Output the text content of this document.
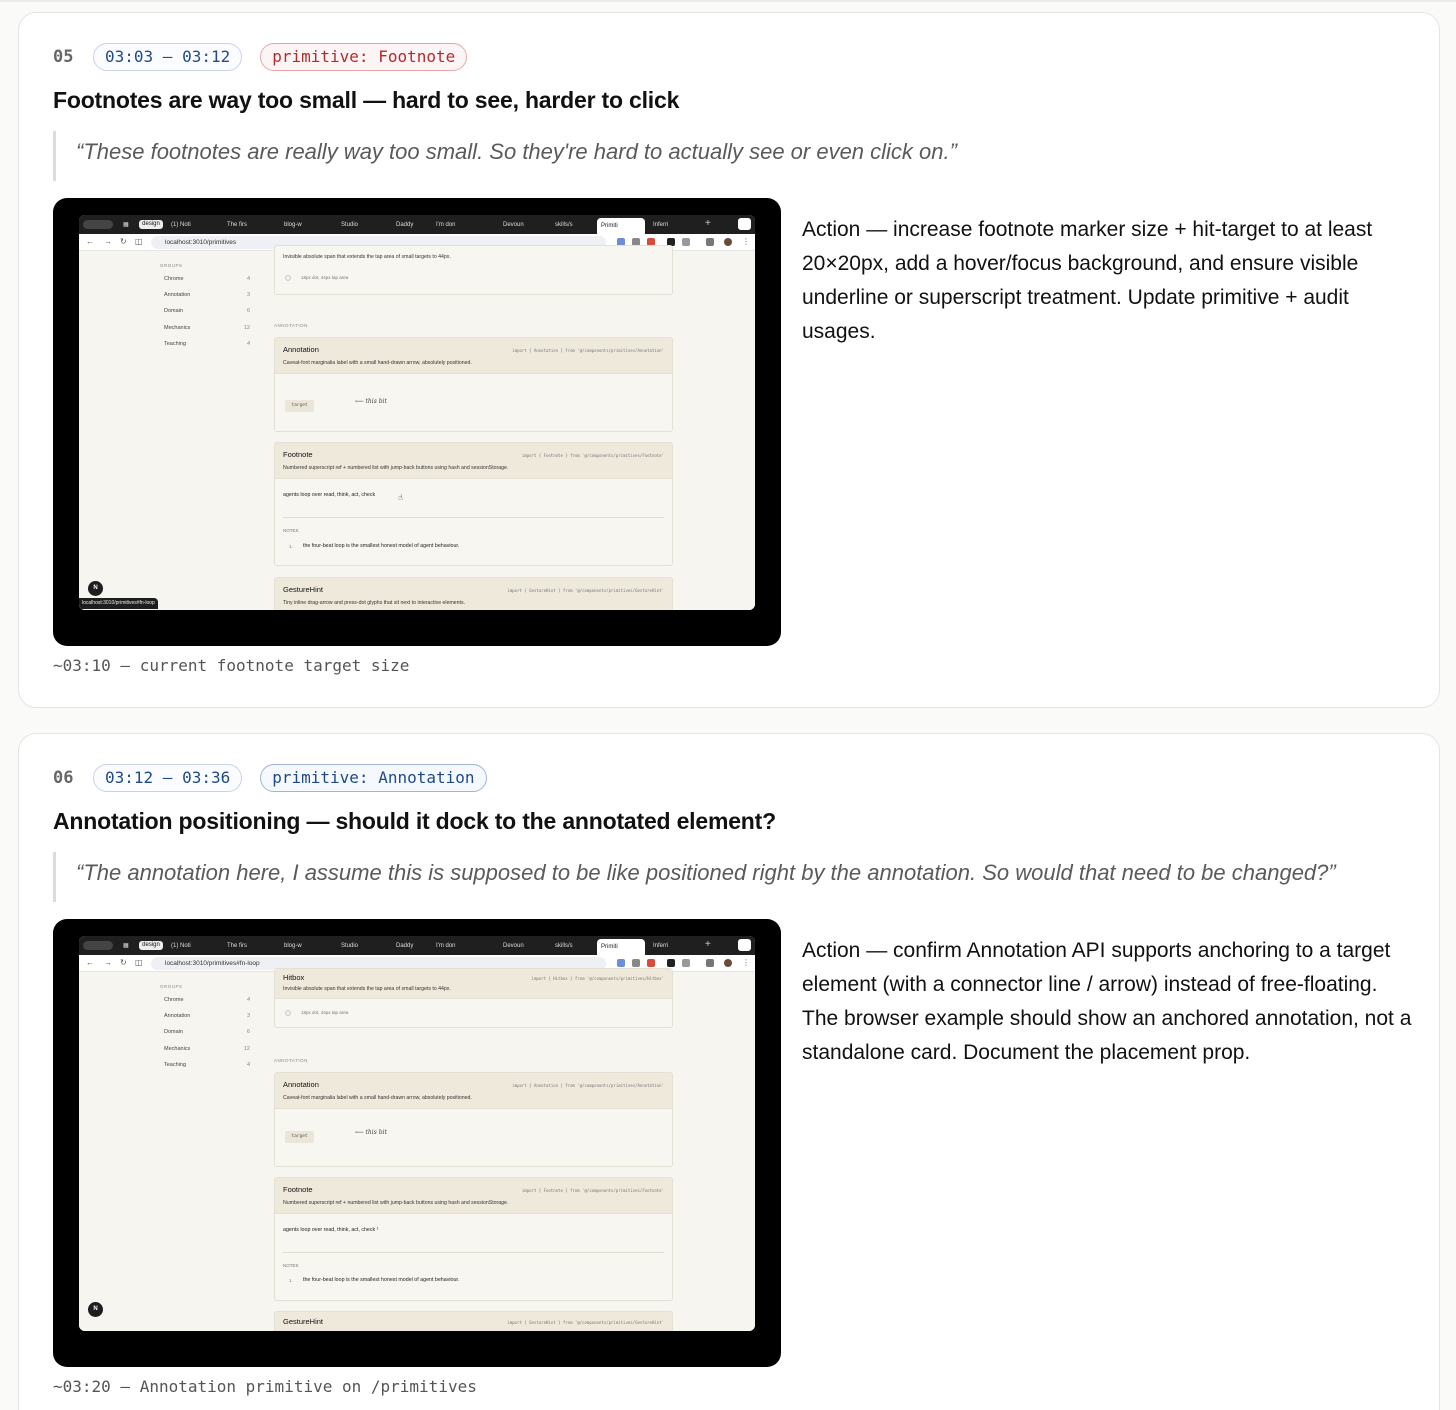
05	03:03 – 03:12	primitive: Footnote
Footnotes are way too small — hard to see, harder to click
“These footnotes are really way too small. So they're hard to actually see or even click on.”
▦	design	(1) Noti	The firs	blog-w	Studio	Daddy	I'm don	Devoun	skills/s	Primiti	Inferri	+
← → ↻ ◫	localhost:3010/primitives	⋮
GROUPS
Chrome	4
Annotation	3
Domain	6
Mechanics	12
Teaching	4
Invisible absolute span that extends the tap area of small targets to 44px.
18px dot, 44px tap area
ANNOTATION
Annotation	import { Annotation } from '@/components/primitives/Annotation'
Caveat-font marginalia label with a small hand-drawn arrow, absolutely positioned.
target
⟵ this bit
Footnote	import { Footnote } from '@/components/primitives/Footnote'
Numbered superscript ref + numbered list with jump-back buttons using hash and sessionStorage.
agents loop over read, think, act, check	☝
NOTES
1. the four-beat loop is the smallest honest model of agent behaviour.
GestureHint	import { GestureHint } from '@/components/primitives/GestureHint'
Tiny inline drag-arrow and press-dot glyphs that sit next to interactive elements.
N
localhost:3010/primitives#fn-loop
Action — increase footnote marker size + hit-target to at least 20×20px, add a hover/focus background, and ensure visible underline or superscript treatment. Update primitive + audit usages.
~03:10 — current footnote target size
06	03:12 – 03:36	primitive: Annotation
Annotation positioning — should it dock to the annotated element?
“The annotation here, I assume this is supposed to be like positioned right by the annotation. So would that need to be changed?”
▦	design	(1) Noti	The firs	blog-w	Studio	Daddy	I'm don	Devoun	skills/s	Primiti	Inferri	+
← → ↻ ◫	localhost:3010/primitives#fn-loop	⋮
GROUPS
Chrome	4
Annotation	3
Domain	6
Mechanics	12
Teaching	4
Hitbox	import { Hitbox } from '@/components/primitives/Hitbox'
Invisible absolute span that extends the tap area of small targets to 44px.
18px dot, 44px tap area
ANNOTATION
Annotation	import { Annotation } from '@/components/primitives/Annotation'
Caveat-font marginalia label with a small hand-drawn arrow, absolutely positioned.
target
⟵ this bit
Footnote	import { Footnote } from '@/components/primitives/Footnote'
Numbered superscript ref + numbered list with jump-back buttons using hash and sessionStorage.
agents loop over read, think, act, check ¹
NOTES
1. the four-beat loop is the smallest honest model of agent behaviour.
GestureHint	import { GestureHint } from '@/components/primitives/GestureHint'
N
Action — confirm Annotation API supports anchoring to a target element (with a connector line / arrow) instead of free-floating. The browser example should show an anchored annotation, not a standalone card. Document the placement prop.
~03:20 — Annotation primitive on /primitives
